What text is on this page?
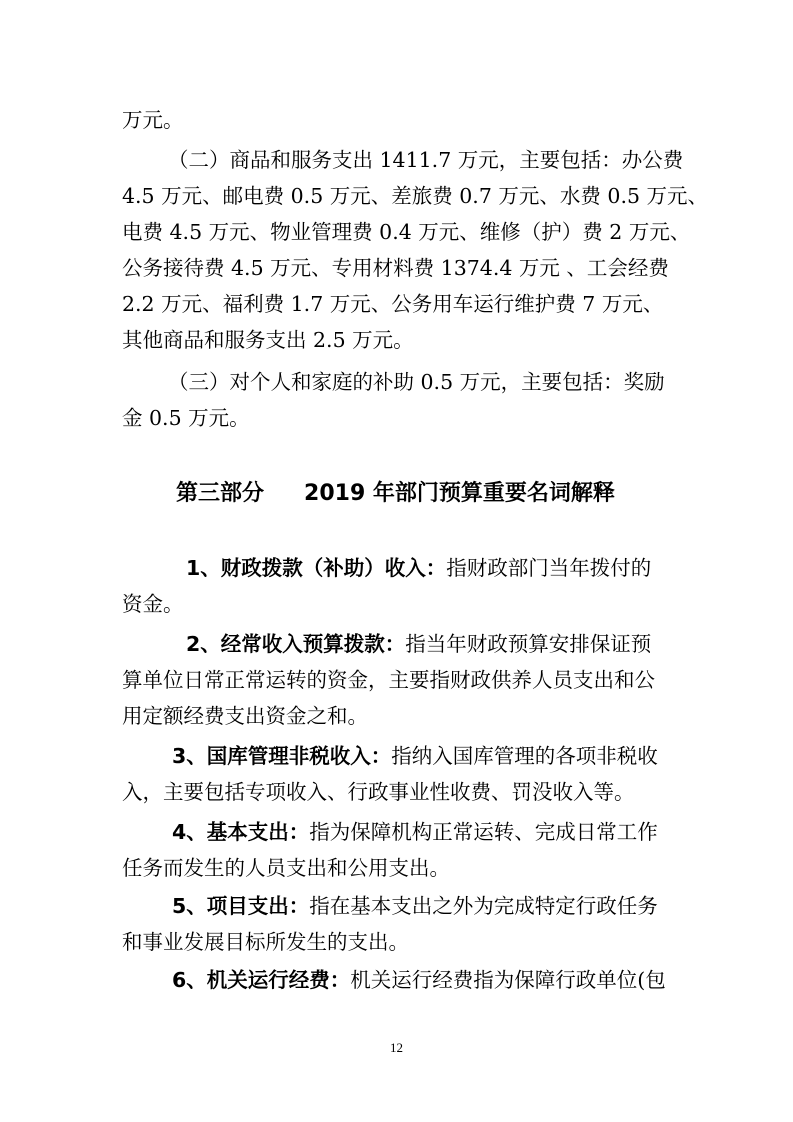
万元。
（二）商品和服务支出 1411.7 万元，主要包括：办公费
4.5 万元、邮电费 0.5 万元、差旅费 0.7 万元、水费 0.5 万元、
电费 4.5 万元、物业管理费 0.4 万元、维修（护）费 2 万元、
公务接待费 4.5 万元、专用材料费 1374.4 万元 、工会经费
2.2 万元、福利费 1.7 万元、公务用车运行维护费 7 万元、
其他商品和服务支出 2.5 万元。
（三）对个人和家庭的补助 0.5 万元，主要包括：奖励
金 0.5 万元。
第三部分 2019 年部门预算重要名词解释
1、财政拨款（补助）收入：指财政部门当年拨付的
资金。
2、经常收入预算拨款：指当年财政预算安排保证预
算单位日常正常运转的资金，主要指财政供养人员支出和公
用定额经费支出资金之和。
3、国库管理非税收入：指纳入国库管理的各项非税收
入，主要包括专项收入、行政事业性收费、罚没收入等。
4、基本支出：指为保障机构正常运转、完成日常工作
任务而发生的人员支出和公用支出。
5、项目支出：指在基本支出之外为完成特定行政任务
和事业发展目标所发生的支出。
6、机关运行经费：机关运行经费指为保障行政单位(包
12
